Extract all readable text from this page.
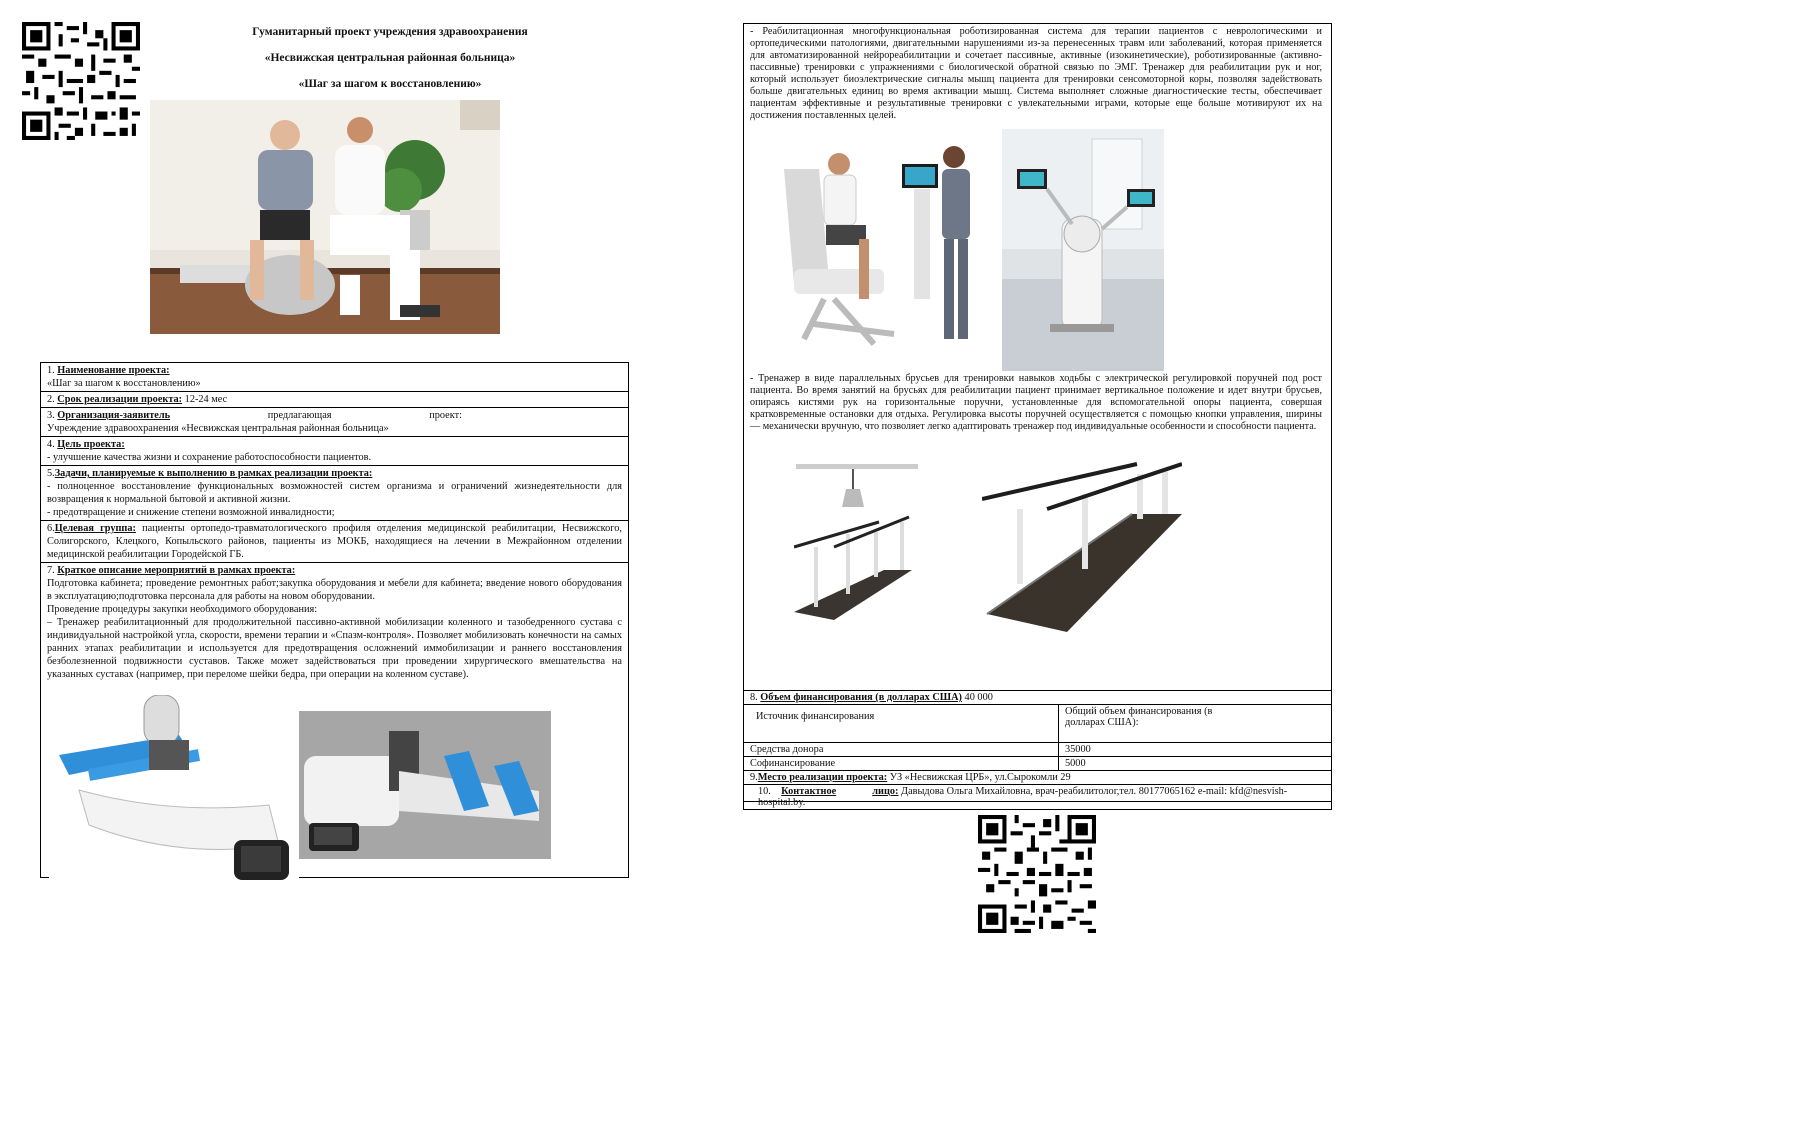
Гуманитарный проект учреждения здравоохранения
«Несвижская центральная районная больница»
«Шаг за шагом к восстановлению»

1. Наименование проекта:

«Шаг за шагом к восстановлению»

2. Срок реализации проекта: 12-24 мес

3. Организация-заявитель	предлагающая	проект:

Учреждение здравоохранения «Несвижская центральная районная больница»

4. Цель проекта:

- улучшение качества жизни и сохранение работоспособности пациентов.

5.Задачи, планируемые к выполнению в рамках реализации проекта:

- полноценное восстановление функциональных возможностей систем организма и ограничений жизнедеятельности для возвращения к нормальной бытовой и активной жизни.

- предотвращение и снижение степени возможной инвалидности;

6.Целевая группа: пациенты ортопедо-травматологического профиля отделения медицинской реабилитации, Несвижского, Солигорского, Клецкого, Копыльского районов, пациенты из МОКБ, находящиеся на лечении в Межрайонном отделении медицинской реабилитации Городейской ГБ.

7. Краткое описание мероприятий в рамках проекта:

Подготовка кабинета; проведение ремонтных работ;закупка оборудования и мебели для кабинета; введение нового оборудования в эксплуатацию;подготовка персонала для работы на новом оборудовании.

Проведение процедуры закупки необходимого оборудования:

– Тренажер реабилитационный для продолжительной пассивно-активной мобилизации коленного и тазобедренного сустава с индивидуальной настройкой угла, скорости, времени терапии и «Спазм-контроля». Позволяет мобилизовать конечности на самых ранних этапах реабилитации и используется для предотвращения осложнений иммобилизации и раннего восстановления безболезненной подвижности суставов. Также может задействоваться при проведении хирургического вмешательства на указанных суставах (например, при переломе шейки бедра, при операции на коленном суставе).

- Реабилитационная многофункциональная роботизированная система для терапии пациентов с неврологическими и ортопедическими патологиями, двигательными нарушениями из-за перенесенных травм или заболеваний, которая применяется для автоматизированной нейрореабилитации и сочетает пассивные, активные (изокинетические), роботизированные (активно-пассивные) тренировки с упражнениями с биологической обратной связью по ЭМГ. Тренажер для реабилитации рук и ног, который использует биоэлектрические сигналы мышц пациента для тренировки сенсомоторной коры, позволяя задействовать больше двигательных единиц во время активации мышц. Система выполняет сложные диагностические тесты, обеспечивает пациентам эффективные и результативные тренировки с увлекательными играми, которые еще больше мотивируют их на достижения поставленных целей.
- Тренажер в виде параллельных брусьев для тренировки навыков ходьбы с электрической регулировкой поручней под рост пациента. Во время занятий на брусьях для реабилитации пациент принимает вертикальное положение и идет внутри брусьев, опираясь кистями рук на горизонтальные поручни, установленные для вспомогательной опоры пациента, совершая кратковременные остановки для отдыха. Регулировка высоты поручней осуществляется с помощью кнопки управления, ширины — механически вручную, что позволяет легко адаптировать тренажер под индивидуальные особенности и способности пациента.
8. Объем финансирования (в долларах США) 40 000	
Источник финансирования	Общий объем финансирования (в долларах США):
Средства донора	35000
Софинансирование	5000
9.Место реализации проекта: УЗ «Несвижская ЦРБ», ул.Сырокомли 29	
10. Контактное лицо: Давыдова Ольга Михайловна, врач-реабилитолог,тел. 80177065162 e-mail: kfd@nesvish-hospital.by.	
